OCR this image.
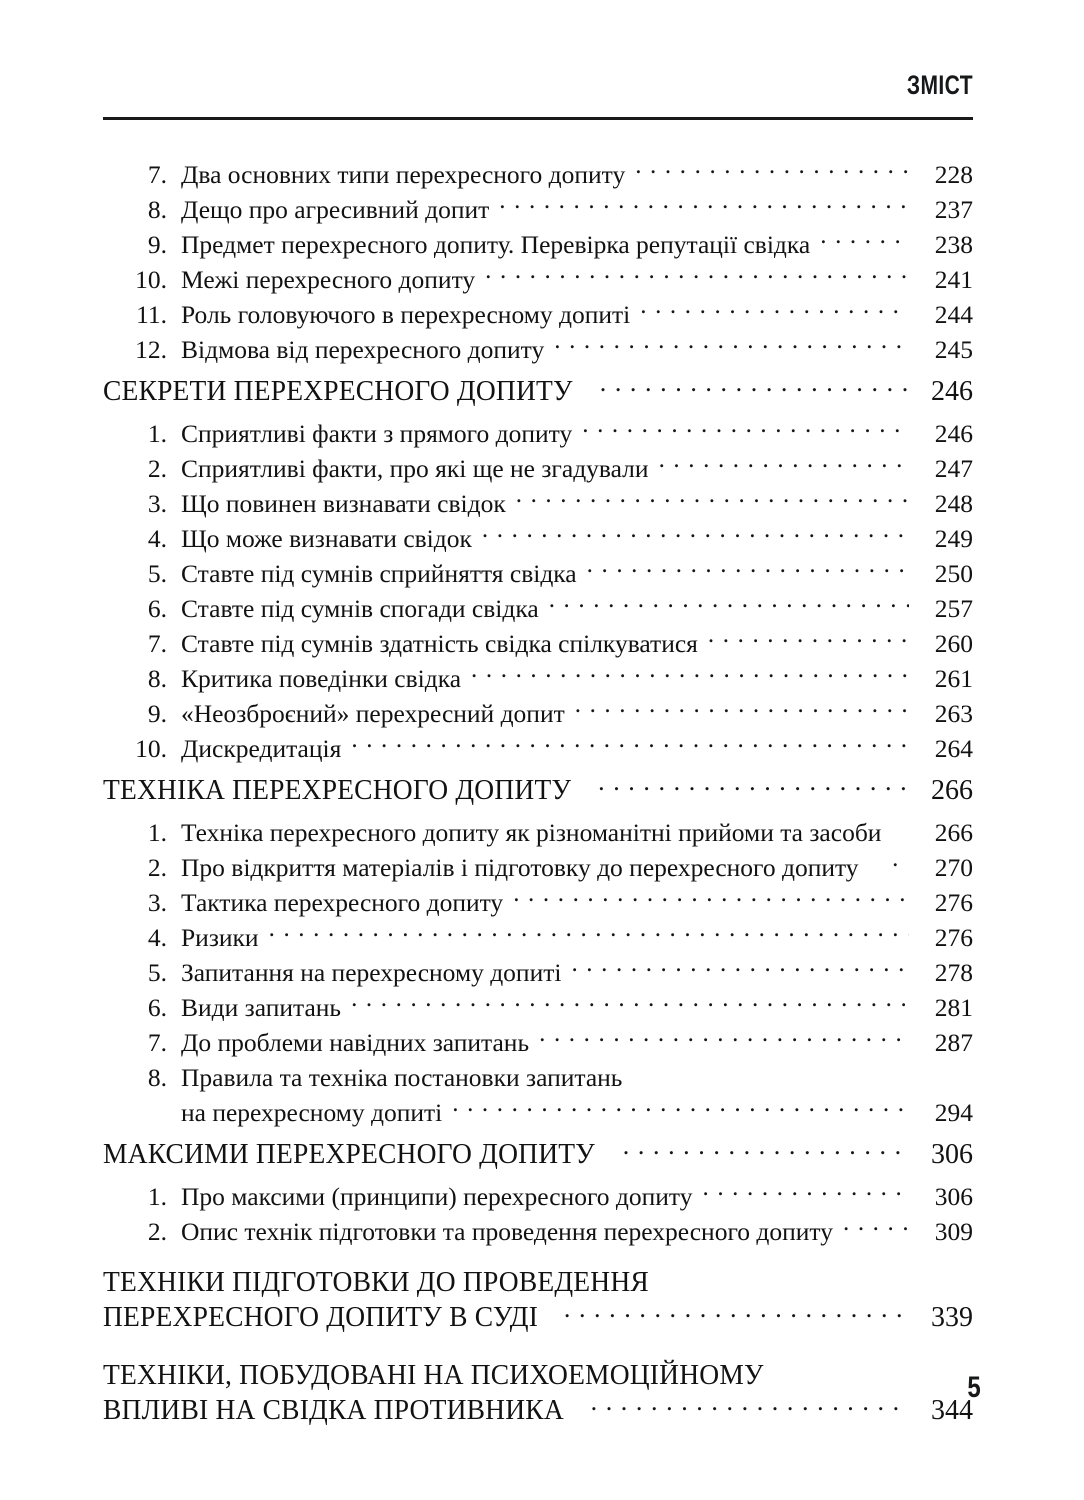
ЗМІСТ
7. Два основних типи перехресного допиту .....	228
8. Дещо про агресивний допит .....	237
9. Предмет перехресного допиту. Перевірка репутації свідка .....	238
10. Межі перехресного допиту .....	241
11. Роль головуючого в перехресному допиті .....	244
12. Відмова від перехресного допиту .....	245
СЕКРЕТИ ПЕРЕХРЕСНОГО ДОПИТУ .....	246
1. Сприятливі факти з прямого допиту .....	246
2. Сприятливі факти, про які ще не згадували .....	247
3. Що повинен визнавати свідок .....	248
4. Що може визнавати свідок .....	249
5. Ставте під сумнів сприйняття свідка .....	250
6. Ставте під сумнів спогади свідка .....	257
7. Ставте під сумнів здатність свідка спілкуватися .....	260
8. Критика поведінки свідка .....	261
9. «Неозброєний» перехресний допит .....	263
10. Дискредитація .....	264
ТЕХНІКА ПЕРЕХРЕСНОГО ДОПИТУ .....	266
1. Техніка перехресного допиту як різноманітні прийоми та засоби	266
2. Про відкриття матеріалів і підготовку до перехресного допиту .	270
3. Тактика перехресного допиту .....	276
4. Ризики .....	276
5. Запитання на перехресному допиті .....	278
6. Види запитань .....	281
7. До проблеми навідних запитань .....	287
8. Правила та техніка постановки запитань
на перехресному допиті .....	294
МАКСИМИ ПЕРЕХРЕСНОГО ДОПИТУ .....	306
1. Про максими (принципи) перехресного допиту .....	306
2. Опис технік підготовки та проведення перехресного допиту .....	309
ТЕХНІКИ ПІДГОТОВКИ ДО ПРОВЕДЕННЯ
ПЕРЕХРЕСНОГО ДОПИТУ В СУДІ .....	339
ТЕХНІКИ, ПОБУДОВАНІ НА ПСИХОЕМОЦІЙНОМУ
ВПЛИВІ НА СВІДКА ПРОТИВНИКА .....	344
5
